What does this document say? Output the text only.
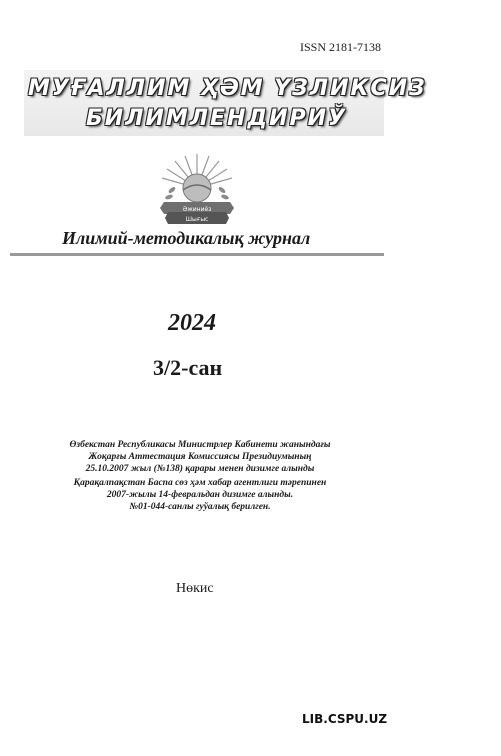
ISSN 2181-7138
МУҒАЛЛИМ ҲӘМ ҮЗЛИКСИЗ
БИЛИМЛЕНДИРИЎ
Әжиниёз
Шығыс
Илимий-методикалық журнал
2024
3/2-сан
Өзбекстан Республикасы Министрлер Кабинети жанындағы
Жоқарғы Аттестация Комиссиясы Президиумының
25.10.2007 жыл (№138) қарары менен дизимге алынды
Қарақалпақстан Баспа сөз ҳәм хабар агентлиги тәрепинен
2007-жылы 14-февральдан дизимге алынды.
№01-044-санлы гуўалық берилген.
Нөкис
LIB.CSPU.UZ
